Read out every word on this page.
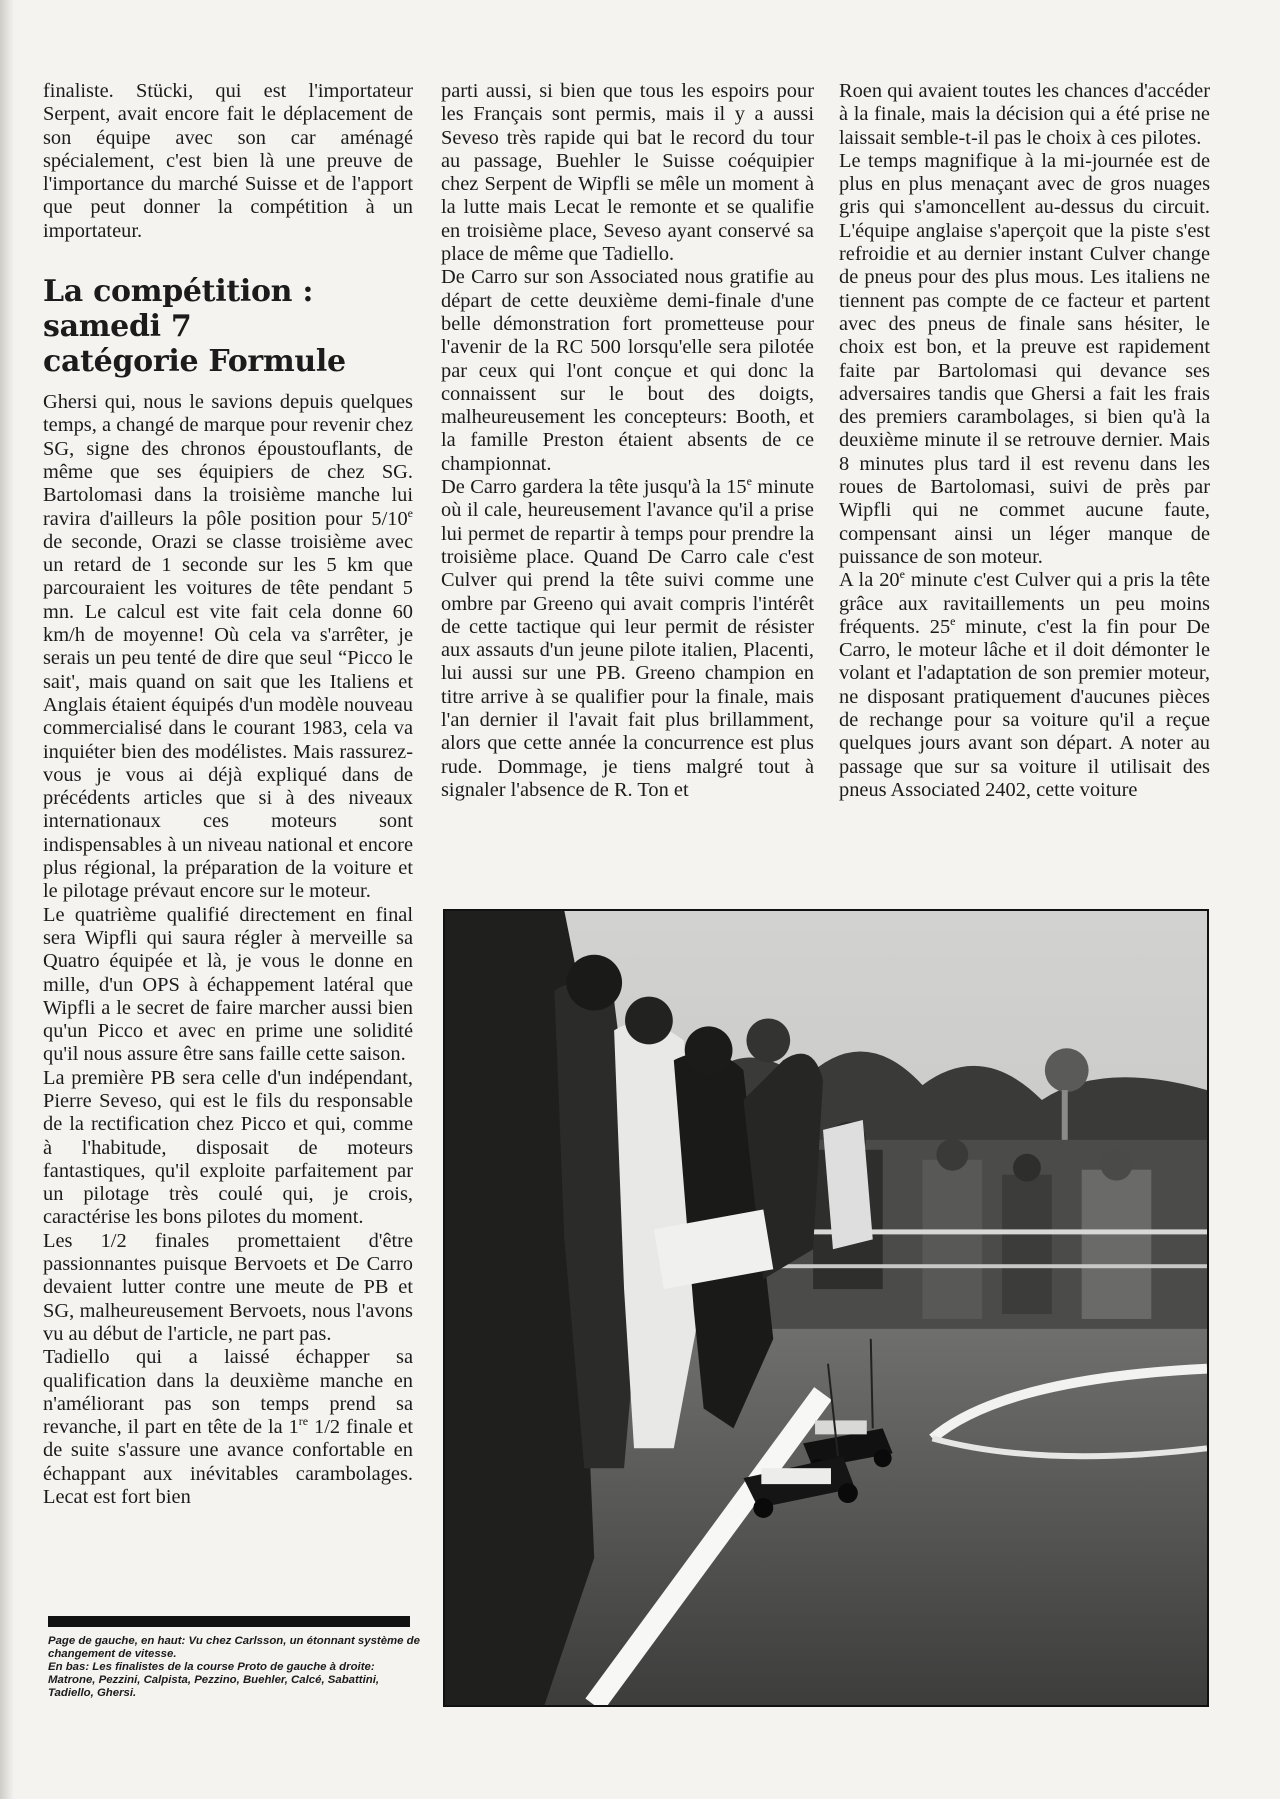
finaliste. Stücki, qui est l'importateur Serpent, avait encore fait le déplacement de son équipe avec son car aménagé spécialement, c'est bien là une preuve de l'importance du marché Suisse et de l'apport que peut donner la compétition à un importateur.

La compétition :
samedi 7
catégorie Formule

Ghersi qui, nous le savions depuis quelques temps, a changé de marque pour revenir chez SG, signe des chronos époustouflants, de même que ses équipiers de chez SG. Bartolomasi dans la troisième manche lui ravira d'ailleurs la pôle position pour 5/10e de seconde, Orazi se classe troisième avec un retard de 1 seconde sur les 5 km que parcouraient les voitures de tête pendant 5 mn. Le calcul est vite fait cela donne 60 km/h de moyenne! Où cela va s'arrêter, je serais un peu tenté de dire que seul “Picco le sait', mais quand on sait que les Italiens et Anglais étaient équipés d'un modèle nouveau commercialisé dans le courant 1983, cela va inquiéter bien des modélistes. Mais rassurez-vous je vous ai déjà expliqué dans de précédents articles que si à des niveaux internationaux ces moteurs sont indispensables à un niveau national et encore plus régional, la préparation de la voiture et le pilotage prévaut encore sur le moteur.

Le quatrième qualifié directement en final sera Wipfli qui saura régler à merveille sa Quatro équipée et là, je vous le donne en mille, d'un OPS à échappement latéral que Wipfli a le secret de faire marcher aussi bien qu'un Picco et avec en prime une solidité qu'il nous assure être sans faille cette saison.

La première PB sera celle d'un indépendant, Pierre Seveso, qui est le fils du responsable de la rectification chez Picco et qui, comme à l'habitude, disposait de moteurs fantastiques, qu'il exploite parfaitement par un pilotage très coulé qui, je crois, caractérise les bons pilotes du moment.

Les 1/2 finales promettaient d'être passionnantes puisque Bervoets et De Carro devaient lutter contre une meute de PB et SG, malheureusement Bervoets, nous l'avons vu au début de l'article, ne part pas.

Tadiello qui a laissé échapper sa qualification dans la deuxième manche en n'améliorant pas son temps prend sa revanche, il part en tête de la 1re 1/2 finale et de suite s'assure une avance confortable en échappant aux inévitables carambolages. Lecat est fort bien

parti aussi, si bien que tous les espoirs pour les Français sont permis, mais il y a aussi Seveso très rapide qui bat le record du tour au passage, Buehler le Suisse coéquipier chez Serpent de Wipfli se mêle un moment à la lutte mais Lecat le remonte et se qualifie en troisième place, Seveso ayant conservé sa place de même que Tadiello.

De Carro sur son Associated nous gratifie au départ de cette deuxième demi-finale d'une belle démonstration fort prometteuse pour l'avenir de la RC 500 lorsqu'elle sera pilotée par ceux qui l'ont conçue et qui donc la connaissent sur le bout des doigts, malheureusement les concepteurs: Booth, et la famille Preston étaient absents de ce championnat.

De Carro gardera la tête jusqu'à la 15e minute où il cale, heureusement l'avance qu'il a prise lui permet de repartir à temps pour prendre la troisième place. Quand De Carro cale c'est Culver qui prend la tête suivi comme une ombre par Greeno qui avait compris l'intérêt de cette tactique qui leur permit de résister aux assauts d'un jeune pilote italien, Placenti, lui aussi sur une PB. Greeno champion en titre arrive à se qualifier pour la finale, mais l'an dernier il l'avait fait plus brillamment, alors que cette année la concurrence est plus rude. Dommage, je tiens malgré tout à signaler l'absence de R. Ton et

Roen qui avaient toutes les chances d'accéder à la finale, mais la décision qui a été prise ne laissait semble-t-il pas le choix à ces pilotes.

Le temps magnifique à la mi-journée est de plus en plus menaçant avec de gros nuages gris qui s'amoncellent au-dessus du circuit. L'équipe anglaise s'aperçoit que la piste s'est refroidie et au dernier instant Culver change de pneus pour des plus mous. Les italiens ne tiennent pas compte de ce facteur et partent avec des pneus de finale sans hésiter, le choix est bon, et la preuve est rapidement faite par Bartolomasi qui devance ses adversaires tandis que Ghersi a fait les frais des premiers carambolages, si bien qu'à la deuxième minute il se retrouve dernier. Mais 8 minutes plus tard il est revenu dans les roues de Bartolomasi, suivi de près par Wipfli qui ne commet aucune faute, compensant ainsi un léger manque de puissance de son moteur.

A la 20e minute c'est Culver qui a pris la tête grâce aux ravitaillements un peu moins fréquents. 25e minute, c'est la fin pour De Carro, le moteur lâche et il doit démonter le volant et l'adaptation de son premier moteur, ne disposant pratiquement d'aucunes pièces de rechange pour sa voiture qu'il a reçue quelques jours avant son départ. A noter au passage que sur sa voiture il utilisait des pneus Associated 2402, cette voiture

Page de gauche, en haut: Vu chez Carlsson, un étonnant système de changement de vitesse.
En bas: Les finalistes de la course Proto de gauche à droite: Matrone, Pezzini, Calpista, Pezzino, Buehler, Calcé, Sabattini, Tadiello, Ghersi.
